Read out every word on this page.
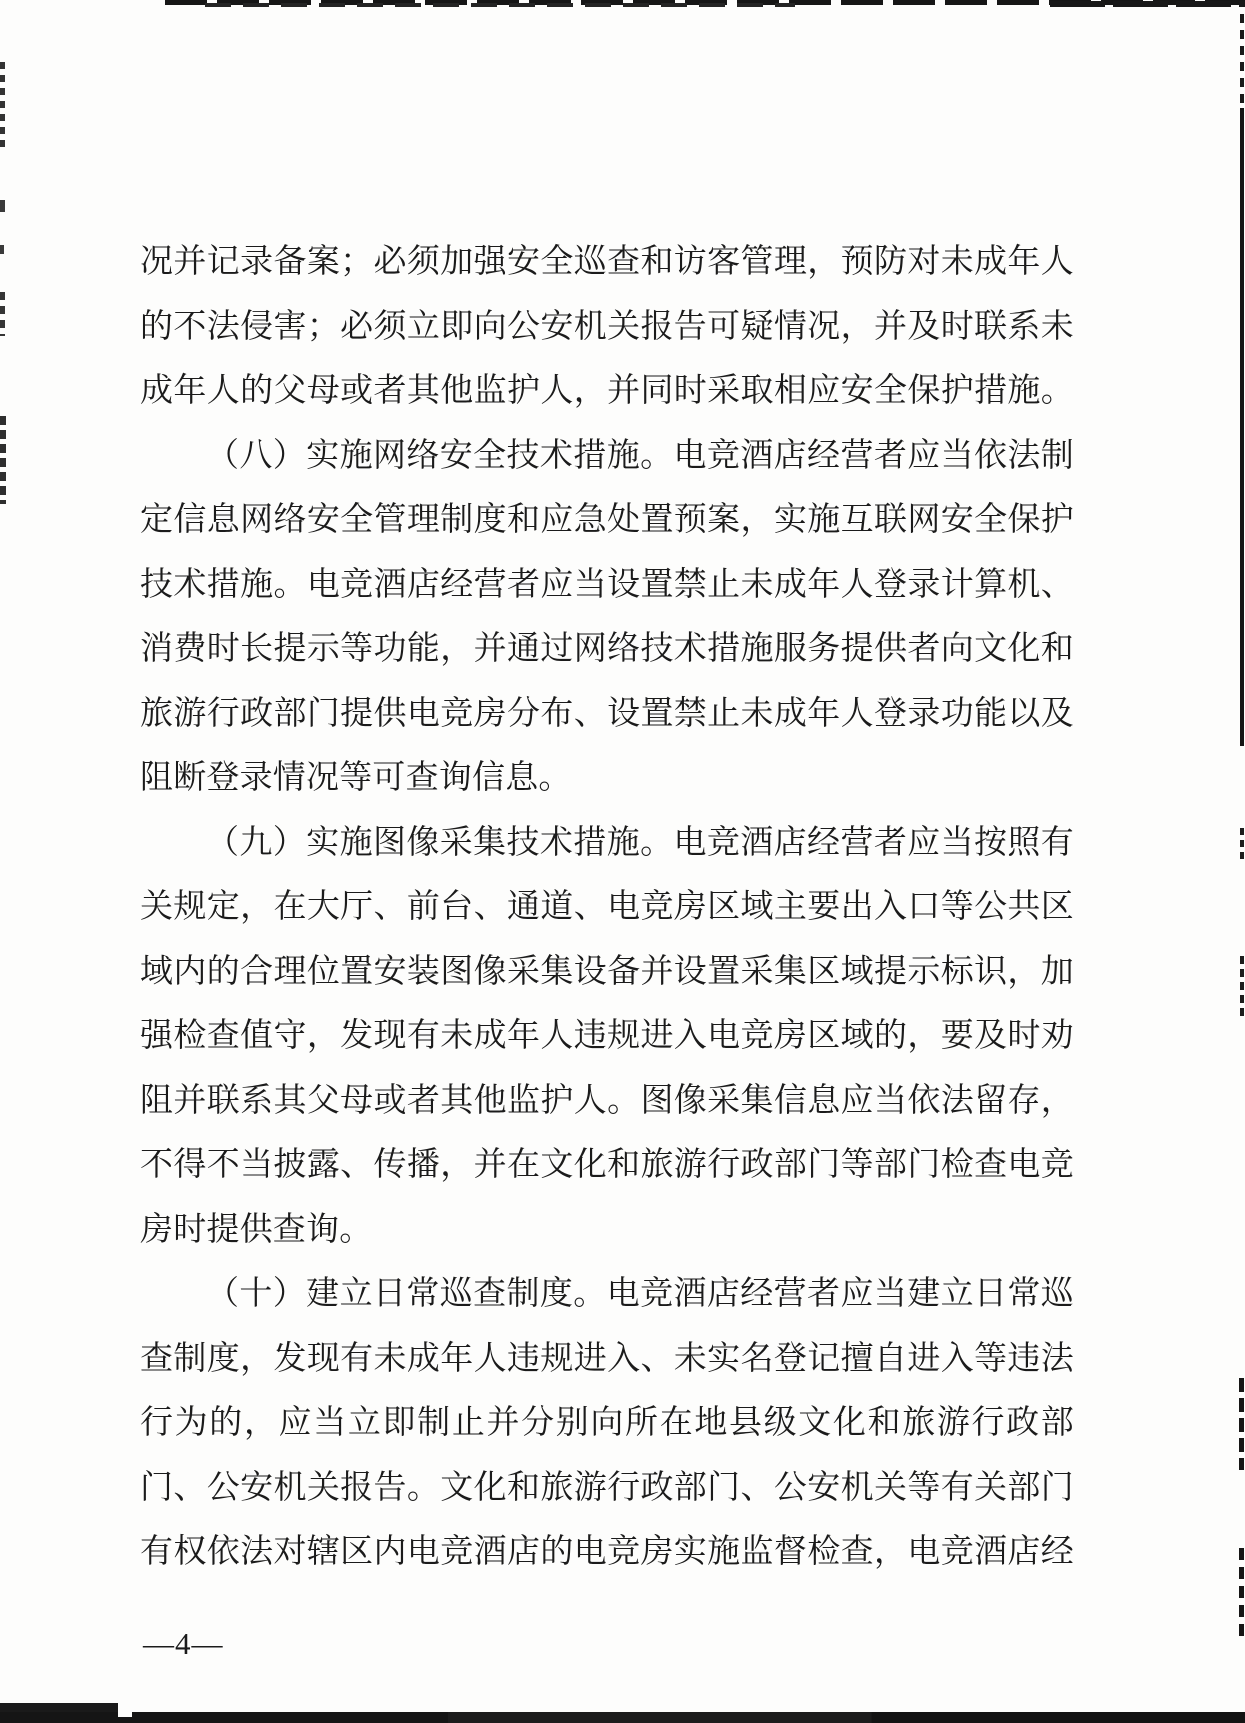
况并记录备案；必须加强安全巡查和访客管理，预防对未成年人
的不法侵害；必须立即向公安机关报告可疑情况，并及时联系未
成年人的父母或者其他监护人，并同时采取相应安全保护措施。
（八）实施网络安全技术措施。电竞酒店经营者应当依法制
定信息网络安全管理制度和应急处置预案，实施互联网安全保护
技术措施。电竞酒店经营者应当设置禁止未成年人登录计算机、
消费时长提示等功能，并通过网络技术措施服务提供者向文化和
旅游行政部门提供电竞房分布、设置禁止未成年人登录功能以及
阻断登录情况等可查询信息。
（九）实施图像采集技术措施。电竞酒店经营者应当按照有
关规定，在大厅、前台、通道、电竞房区域主要出入口等公共区
域内的合理位置安装图像采集设备并设置采集区域提示标识，加
强检查值守，发现有未成年人违规进入电竞房区域的，要及时劝
阻并联系其父母或者其他监护人。图像采集信息应当依法留存，
不得不当披露、传播，并在文化和旅游行政部门等部门检查电竞
房时提供查询。
（十）建立日常巡查制度。电竞酒店经营者应当建立日常巡
查制度，发现有未成年人违规进入、未实名登记擅自进入等违法
行为的，应当立即制止并分别向所在地县级文化和旅游行政部
门、公安机关报告。文化和旅游行政部门、公安机关等有关部门
有权依法对辖区内电竞酒店的电竞房实施监督检查，电竞酒店经
—4—
